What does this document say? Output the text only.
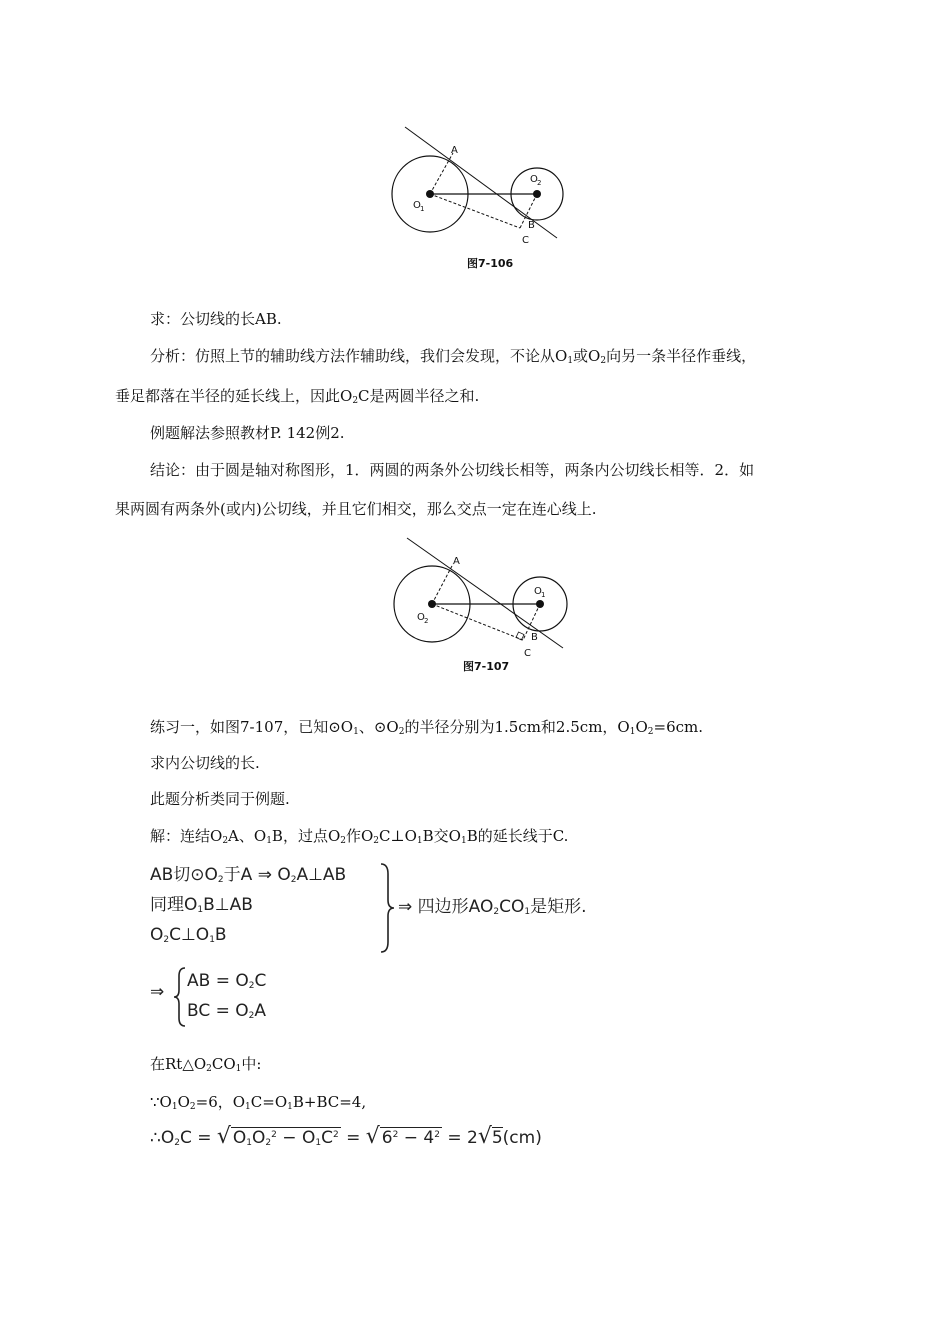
A
B
C
O 1
O 2
图7-106
求：公切线的长AB.
分析：仿照上节的辅助线方法作辅助线，我们会发现，不论从$O_1$或$O_2$向另一条半径作垂线，
垂足都落在半径的延长线上，因此$O_2C$是两圆半径之和.
例题解法参照教材P. 142例2.
结论：由于圆是轴对称图形，1．两圆的两条外公切线长相等，两条内公切线长相等．2．如
果两圆有两条外(或内)公切线，并且它们相交，那么交点一定在连心线上.
A
B
C
O 2
O 1
图7-107
练习一，如图7-107，已知$⊙O_1$、$⊙O_2$的半径分别为1.5cm和2.5cm，$O_1O_2=6cm$.
求内公切线的长.
此题分析类同于例题.
解：连结$O_2A$、$O_1B$，过点$O_2$作$O_2C\perp O_1B$交$O_1B$的延长线于C.
AB切$⊙O_2$于A ⇒ $O_2A\perp AB$
同理$O_1B\perp AB$
$O_2C\perp O_1B$
⇒ 四边形$AO_2CO_1$是矩形.
⇒
AB = $O_2C$
BC = $O_2A$
在$Rt\triangle O_2CO_1$中:
$\because O_1O_2=6$，$O_1C=O_1B+BC=4$,
$\therefore O_2C$ = √ $O_1O_2^2 - O_1C^2$ = √ $6^2 - 4^2 = 2√5(cm)$
